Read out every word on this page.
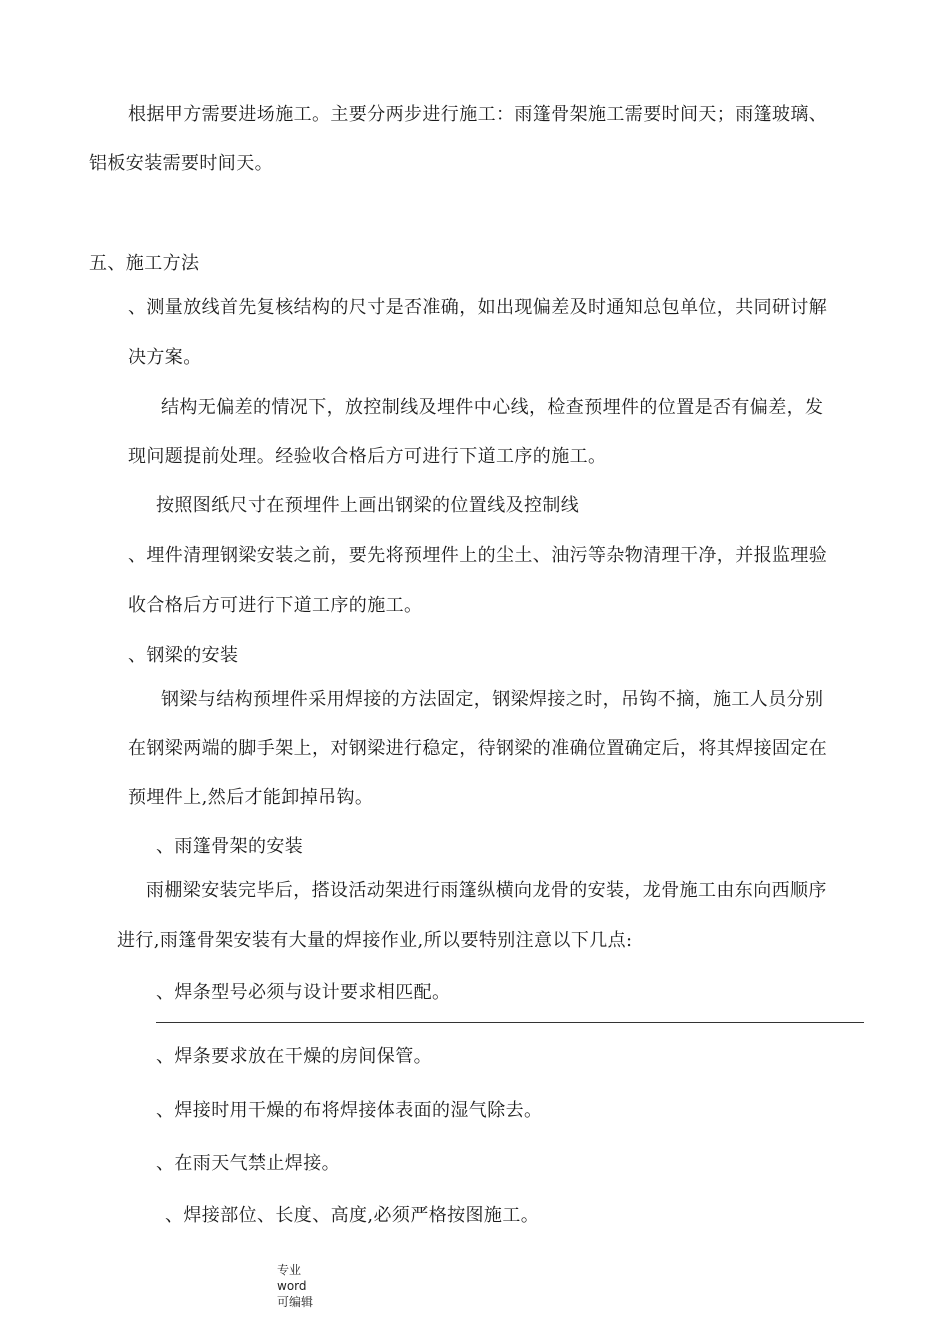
根据甲方需要进场施工。主要分两步进行施工：雨篷骨架施工需要时间天；雨篷玻璃、
铝板安装需要时间天。
五、施工方法
、测量放线首先复核结构的尺寸是否准确，如出现偏差及时通知总包单位，共同研讨解
决方案。
结构无偏差的情况下，放控制线及埋件中心线，检查预埋件的位置是否有偏差，发
现问题提前处理。经验收合格后方可进行下道工序的施工。
按照图纸尺寸在预埋件上画出钢梁的位置线及控制线
、埋件清理钢梁安装之前，要先将预埋件上的尘土、油污等杂物清理干净，并报监理验
收合格后方可进行下道工序的施工。
、钢梁的安装
钢梁与结构预埋件采用焊接的方法固定，钢梁焊接之时，吊钩不摘，施工人员分别
在钢梁两端的脚手架上，对钢梁进行稳定，待钢梁的准确位置确定后，将其焊接固定在
预埋件上,然后才能卸掉吊钩。
、雨篷骨架的安装
雨棚梁安装完毕后，搭设活动架进行雨篷纵横向龙骨的安装，龙骨施工由东向西顺序
进行,雨篷骨架安装有大量的焊接作业,所以要特别注意以下几点:
、焊条型号必须与设计要求相匹配。
、焊条要求放在干燥的房间保管。
、焊接时用干燥的布将焊接体表面的湿气除去。
、在雨天气禁止焊接。
、焊接部位、长度、高度,必须严格按图施工。
专业
word
可编辑
